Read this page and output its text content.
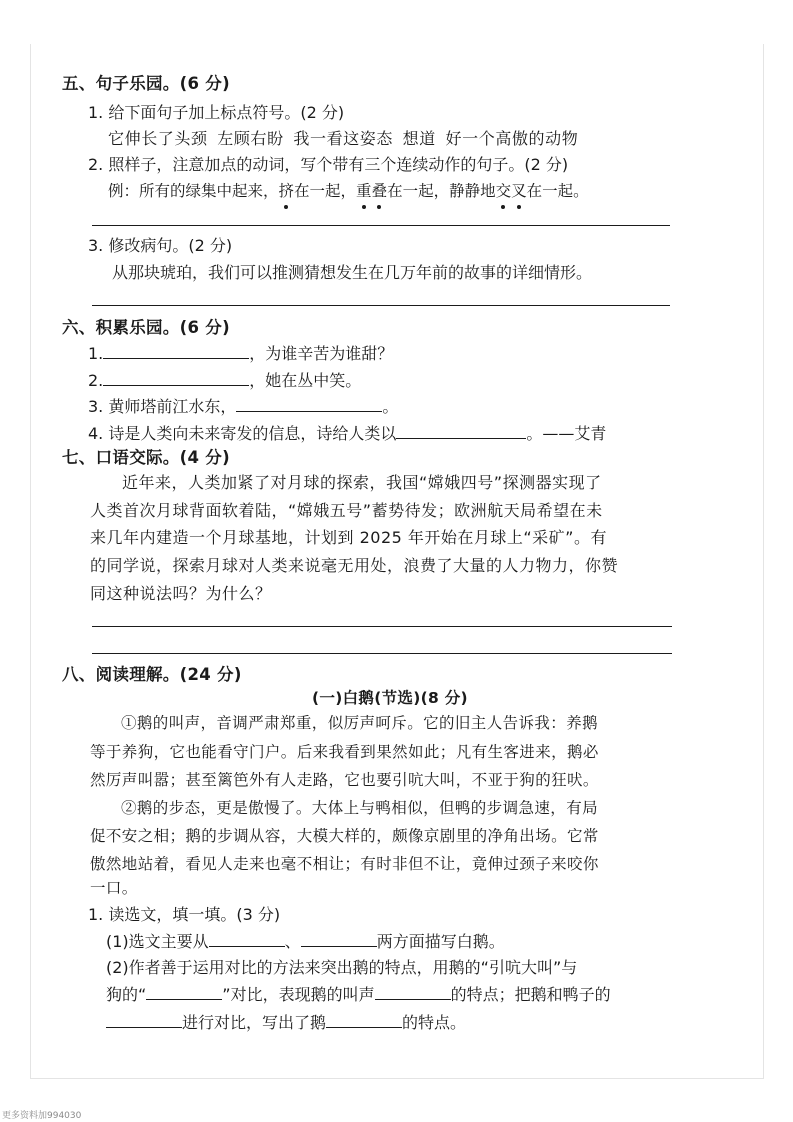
五、句子乐园。(6 分)
1. 给下面句子加上标点符号。(2 分)
它伸长了头颈 左顾右盼 我一看这姿态 想道 好一个高傲的动物
2. 照样子，注意加点的动词，写个带有三个连续动作的句子。(2 分)
例：所有的绿集中起来，挤在一起，重叠在一起，静静地交叉在一起。
3. 修改病句。(2 分)
从那块琥珀，我们可以推测猜想发生在几万年前的故事的详细情形。
六、积累乐园。(6 分)
1.	，为谁辛苦为谁甜？
2.	，她在丛中笑。
3. 黄师塔前江水东，	。
4. 诗是人类向未来寄发的信息，诗给人类以	。——艾青
七、口语交际。(4 分)
近年来，人类加紧了对月球的探索，我国“嫦娥四号”探测器实现了
人类首次月球背面软着陆，“嫦娥五号”蓄势待发；欧洲航天局希望在未
来几年内建造一个月球基地，计划到 2025 年开始在月球上“采矿”。有
的同学说，探索月球对人类来说毫无用处，浪费了大量的人力物力，你赞
同这种说法吗？为什么？
八、阅读理解。(24 分)
(一)白鹅(节选)(8 分)
①鹅的叫声，音调严肃郑重，似厉声呵斥。它的旧主人告诉我：养鹅
等于养狗，它也能看守门户。后来我看到果然如此；凡有生客进来，鹅必
然厉声叫嚣；甚至篱笆外有人走路，它也要引吭大叫，不亚于狗的狂吠。
②鹅的步态，更是傲慢了。大体上与鸭相似，但鸭的步调急速，有局
促不安之相；鹅的步调从容，大模大样的，颇像京剧里的净角出场。它常
傲然地站着，看见人走来也毫不相让；有时非但不让，竟伸过颈子来咬你
一口。
1. 读选文，填一填。(3 分)
(1)选文主要从	、	两方面描写白鹅。
(2)作者善于运用对比的方法来突出鹅的特点，用鹅的“引吭大叫”与
狗的“	”对比，表现鹅的叫声	的特点；把鹅和鸭子的
进行对比，写出了鹅	的特点。
更多资料加994030
